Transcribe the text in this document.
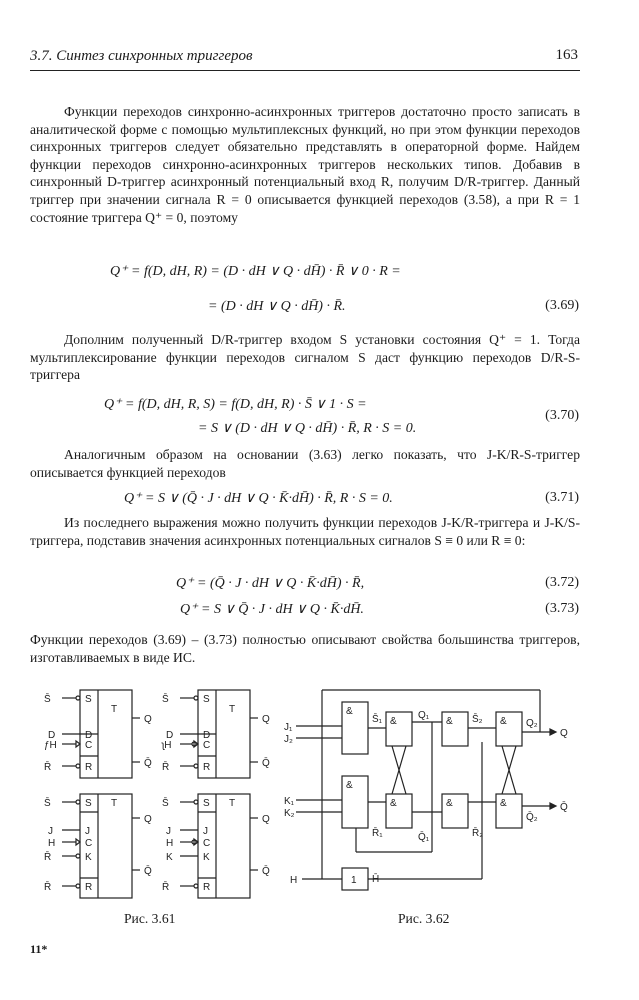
3.7. Синтез синхронных триггеров	163

Функции переходов синхронно-асинхронных триггеров достаточно просто записать в аналитической форме с помощью мультиплексных функций, но при этом функции переходов синхронных триггеров следует обязательно представлять в операторной форме. Найдем функции переходов синхронно-асинхронных триггеров нескольких типов. Добавив в синхронный D-триггер асинхронный потенциальный вход R, получим D/R-триггер. Данный триггер при значении сигнала R = 0 описывается функцией переходов (3.58), а при R = 1 состояние триггера Q⁺ = 0, поэтому

Q⁺ = f(D, dH, R) = (D · dH ∨ Q · dH̄) · R̄ ∨ 0 · R =
= (D · dH ∨ Q · dH̄) · R̄.	(3.69)

Дополним полученный D/R-триггер входом S установки состояния Q⁺ = 1. Тогда мультиплексирование функции переходов сигналом S даст функцию переходов D/R-S-триггера

Q⁺ = f(D, dH, R, S) = f(D, dH, R) · S̄ ∨ 1 · S =
= S ∨ (D · dH ∨ Q · dH̄) · R̄, R · S = 0.
(3.70)

Аналогичным образом на основании (3.63) легко показать, что J-K/R-S-триггер описывается функцией переходов

Q⁺ = S ∨ (Q̄ · J · dH ∨ Q · K̄·dH̄) · R̄, R · S = 0.	(3.71)

Из последнего выражения можно получить функции переходов J-K/R-триггера и J-K/S-триггера, подставив значения асинхронных потенциальных сигналов S ≡ 0 или R ≡ 0:

Q⁺ = (Q̄ · J · dH ∨ Q · K̄·dH̄) · R̄,	(3.72)
Q⁺ = S ∨ Q̄ · J · dH ∨ Q · K̄·dH̄.	(3.73)

Функции переходов (3.69) – (3.73) полностью описывают свойства большинства триггеров, изготавливаемых в виде ИС.

S̄
D
ƒH
R̄
S
D
C
R
T
Q
Q̄
S̄
D
ʅH
R̄
S
D
C
R
T
Q
Q̄
S̄
J
H
R̄
R̄
S
J
C
K
R
T
Q
Q̄
S̄
J
H
K
R̄
S
J
C
K
R
T
Q
Q̄
Рис. 3.61
J₁
J₂
K₁
K₂
H	H̄
S̄₁	Q₁	S̄₂	Q₂
Q
R̄₁	Q̄₁	R̄₂
Q̄₂
Q̄
&
&	&	&
&
&	&	&
1
Рис. 3.62
11*
